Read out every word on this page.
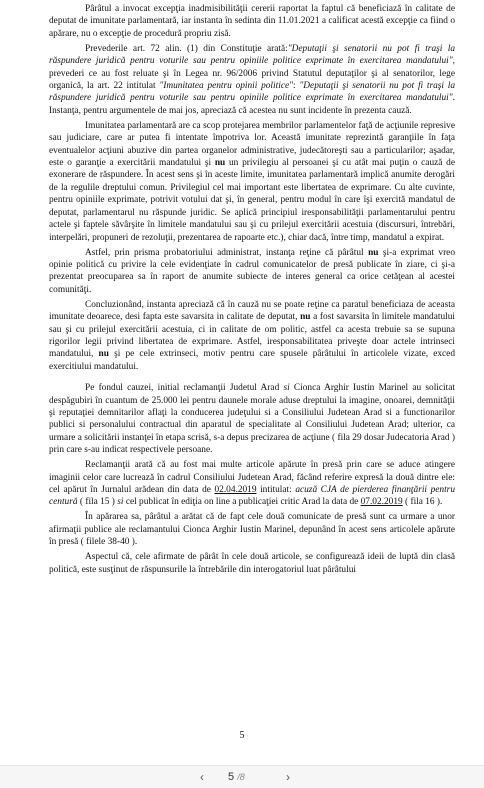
Pârâtul a invocat excepţia inadmisibilităţii cererii raportat la faptul că beneficiază în calitate de deputat de imunitate parlamentară, iar instanta în sedinta din 11.01.2021 a calificat acestă excepţie ca fiind o apărare, nu o excepţie de procedură propriu zisă.

Prevederile art. 72 alin. (1) din Constituţie arată:"Deputaţii şi senatorii nu pot fi traşi la răspundere juridică pentru voturile sau pentru opiniile politice exprimate în exercitarea mandatului", prevederi ce au fost reluate şi în Legea nr. 96/2006 privind Statutul deputaţilor şi al senatorilor, lege organică, la art. 22 intitulat "Imunitatea pentru opinii politice": "Deputaţii şi senatorii nu pot fi traşi la răspundere juridică pentru voturile sau pentru opiniile politice exprimate în exercitarea mandatului". Instanţa, pentru argumentele de mai jos, apreciază că acestea nu sunt incidente în prezenta cauză.

Imunitatea parlamentară are ca scop protejarea membrilor parlamentelor faţă de acţiunile represive sau judiciare, care ar putea fi intentate împotriva lor. Această imunitate reprezintă garanţiile în faţa eventualelor acţiuni abuzive din partea organelor administrative, judecătoreşti sau a particularilor; aşadar, este o garanţie a exercitării mandatului şi nu un privilegiu al persoanei şi cu atât mai puţin o cauză de exonerare de răspundere. În acest sens şi în aceste limite, imunitatea parlamentară implică anumite derogări de la regulile dreptului comun. Privilegiul cel mai important este libertatea de exprimare. Cu alte cuvinte, pentru opiniile exprimate, potrivit votului dat şi, în general, pentru modul în care îşi exercită mandatul de deputat, parlamentarul nu răspunde juridic. Se aplică principiul iresponsabilităţii parlamentarului pentru actele şi faptele săvârşite în limitele mandatului sau şi cu prilejul exercitării acestuia (discursuri, întrebări, interpelări, propuneri de rezoluţii, prezentarea de rapoarte etc.), chiar dacă, între timp, mandatul a expirat.

Astfel, prin prisma probatoriului administrat, instanţa reţine că pârâtul nu şi-a exprimat vreo opinie politică cu privire la cele evidenţiate în cadrul comunicatelor de presă publicate în ziare, ci şi-a prezentat preocuparea sa în raport de anumite subiecte de interes general ca orice cetăţean al acestei comunităţi.

Concluzionând, instanta apreciază că în cauză nu se poate reţine ca paratul beneficiaza de aceasta imunitate deoarece, desi fapta este savarsita in calitate de deputat, nu a fost savarsita în limitele mandatului sau şi cu prilejul exercitării acestuia, ci in calitate de om politic, astfel ca acesta trebuie sa se supuna rigorilor legii privind libertatea de exprimare. Astfel, iresponsabilitatea priveşte doar actele intrinseci mandatului, nu şi pe cele extrinseci, motiv pentru care spusele pârâtului în articolele vizate, exced exercitiului mandatului.

Pe fondul cauzei, initial reclamanţii Judetul Arad si Cionca Arghir Iustin Marinel au solicitat despăgubiri în cuantum de 25.000 lei pentru daunele morale aduse dreptului la imagine, onoarei, demnităţii şi reputaţiei demnitarilor aflaţi la conducerea judeţului si a Consiliului Judetean Arad si a functionarilor publici si personalului contractual din aparatul de specialitate al Consiliului Judetean Arad; ulterior, ca urmare a solicitării instanţei în etapa scrisă, s-a depus precizarea de acţiune ( fila 29 dosar Judecatoria Arad ) prin care s-au indicat respectivele persoane.

Reclamanţii arată că au fost mai multe articole apărute în presă prin care se aduce atingere imaginii celor care lucrează în cadrul Consiliului Judetean Arad, făcând referire expresă la două dintre ele: cel apărut în Jurnalul arădean din data de 02.04.2019 intitulat: acuză CJA de pierderea finanţării pentru centură ( fila 15 ) si cel publicat în ediţia on line a publicaţiei critic Arad la data de 07.02.2019 ( fila 16 ).

În apărarea sa, pârâtul a arătat că de fapt cele două comunicate de presă sunt ca urmare a unor afirmaţii publice ale reclamantului Cionca Arghir Iustin Marinel, depunând în acest sens articolele apărute în presă ( filele 38-40 ).

Aspectul că, cele afirmate de pârât în cele două articole, se configurează ideii de luptă din clasă politică, este susţinut de răspunsurile la întrebările din interogatoriul luat pârâtului

5
‹	5 /8	›
